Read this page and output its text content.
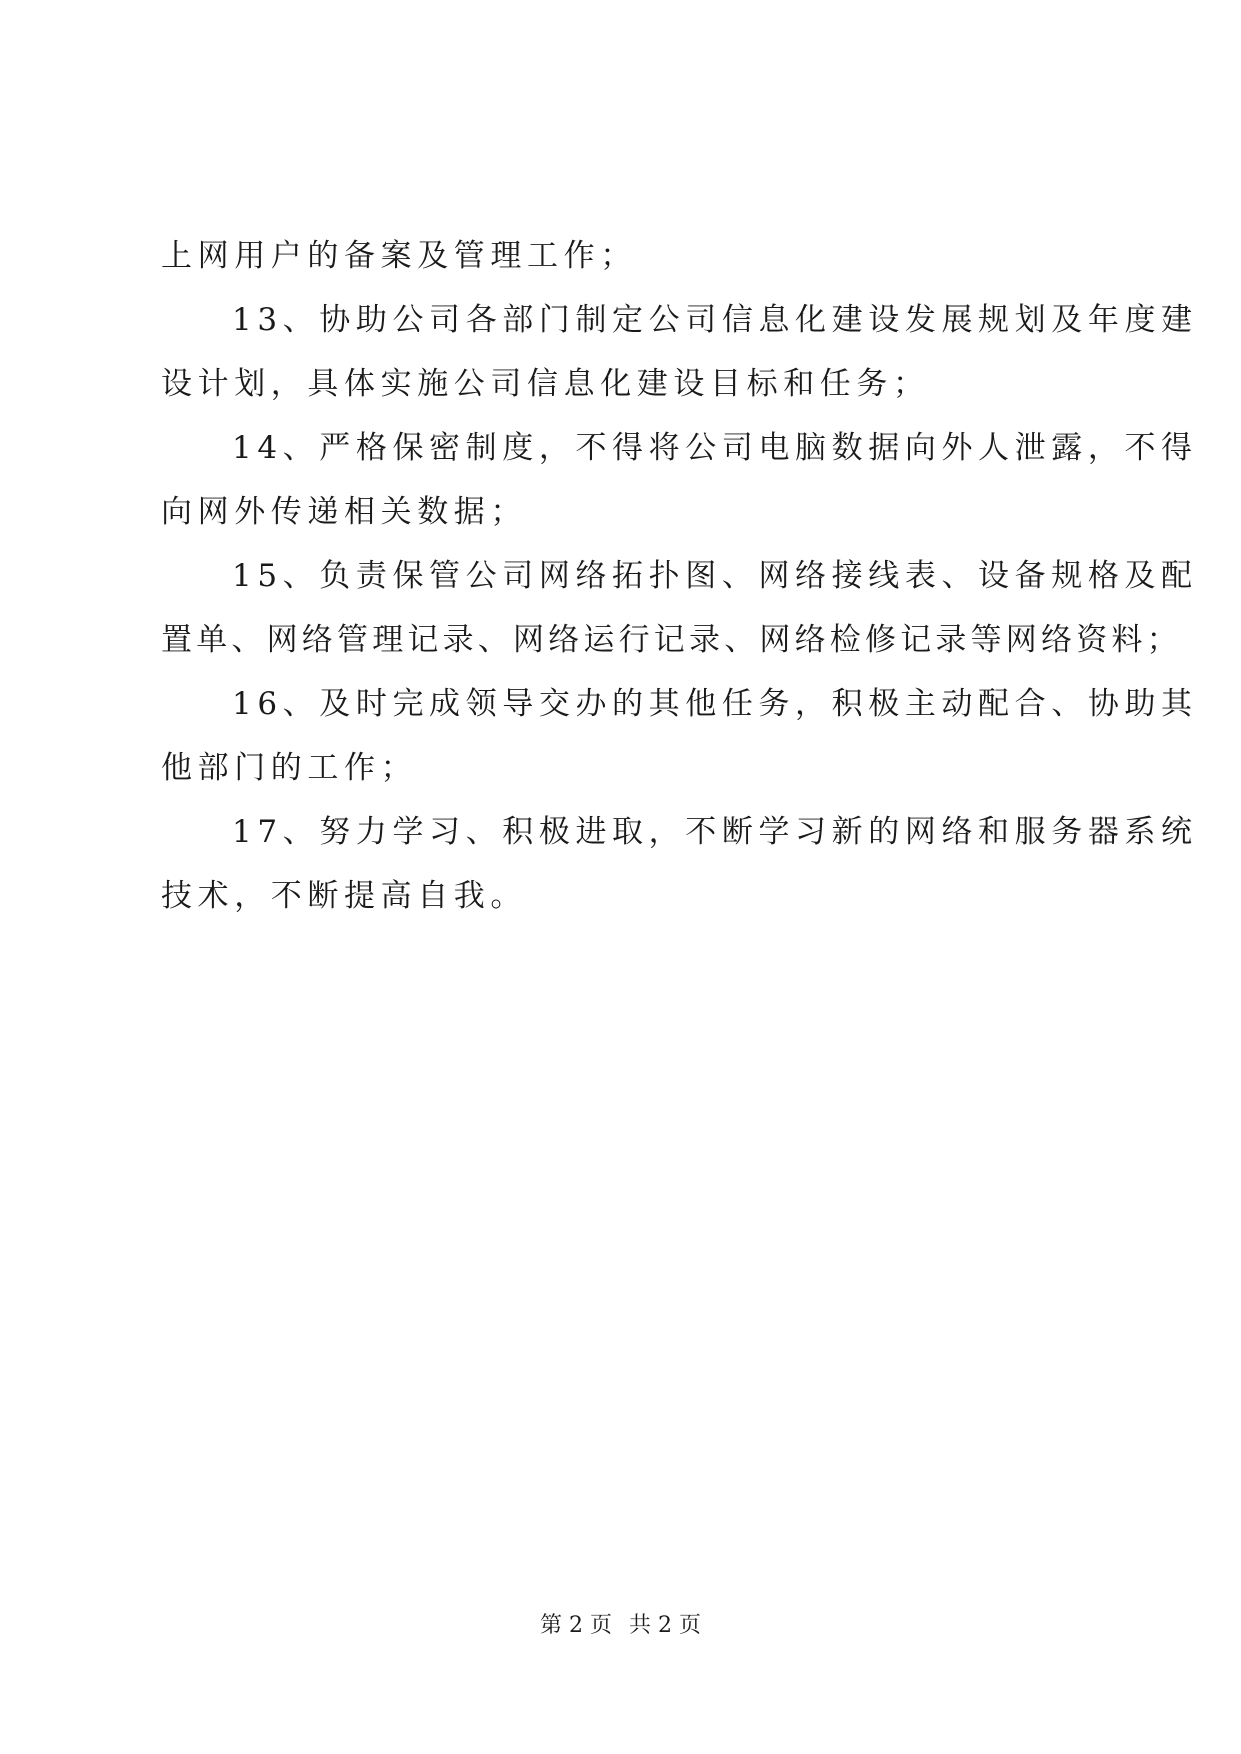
上网用户的备案及管理工作；
13、协助公司各部门制定公司信息化建设发展规划及年度建
设计划，具体实施公司信息化建设目标和任务；
14、严格保密制度，不得将公司电脑数据向外人泄露，不得
向网外传递相关数据；
15、负责保管公司网络拓扑图、网络接线表、设备规格及配
置单、网络管理记录、网络运行记录、网络检修记录等网络资料；
16、及时完成领导交办的其他任务，积极主动配合、协助其
他部门的工作；
17、努力学习、积极进取，不断学习新的网络和服务器系统
技术，不断提高自我。
第 2 页 共 2 页
